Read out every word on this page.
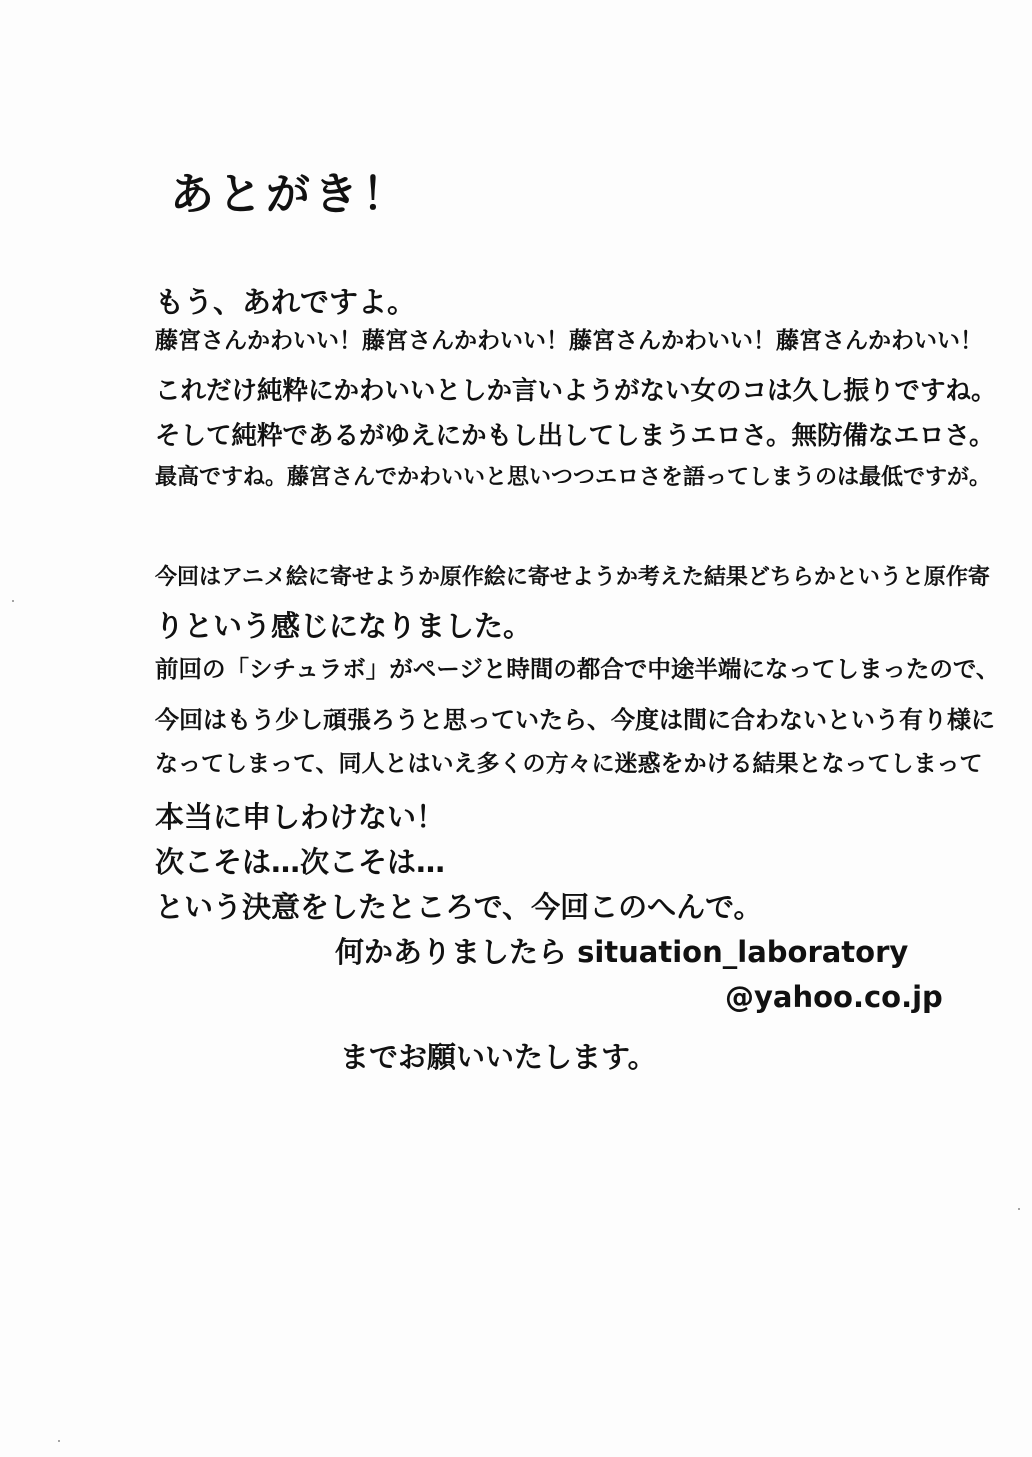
あとがき！
もう、あれですよ。
藤宮さんかわいい！藤宮さんかわいい！藤宮さんかわいい！藤宮さんかわいい！
これだけ純粋にかわいいとしか言いようがない女のコは久し振りですね。
そして純粋であるがゆえにかもし出してしまうエロさ。無防備なエロさ。
最高ですね。藤宮さんでかわいいと思いつつエロさを語ってしまうのは最低ですが。
今回はアニメ絵に寄せようか原作絵に寄せようか考えた結果どちらかというと原作寄
りという感じになりました。
前回の「シチュラボ」がページと時間の都合で中途半端になってしまったので、
今回はもう少し頑張ろうと思っていたら、今度は間に合わないという有り様に
なってしまって、同人とはいえ多くの方々に迷惑をかける結果となってしまって
本当に申しわけない！
次こそは…次こそは…
という決意をしたところで、今回このへんで。
何かありましたら situation_laboratory
@yahoo.co.jp
までお願いいたします。
